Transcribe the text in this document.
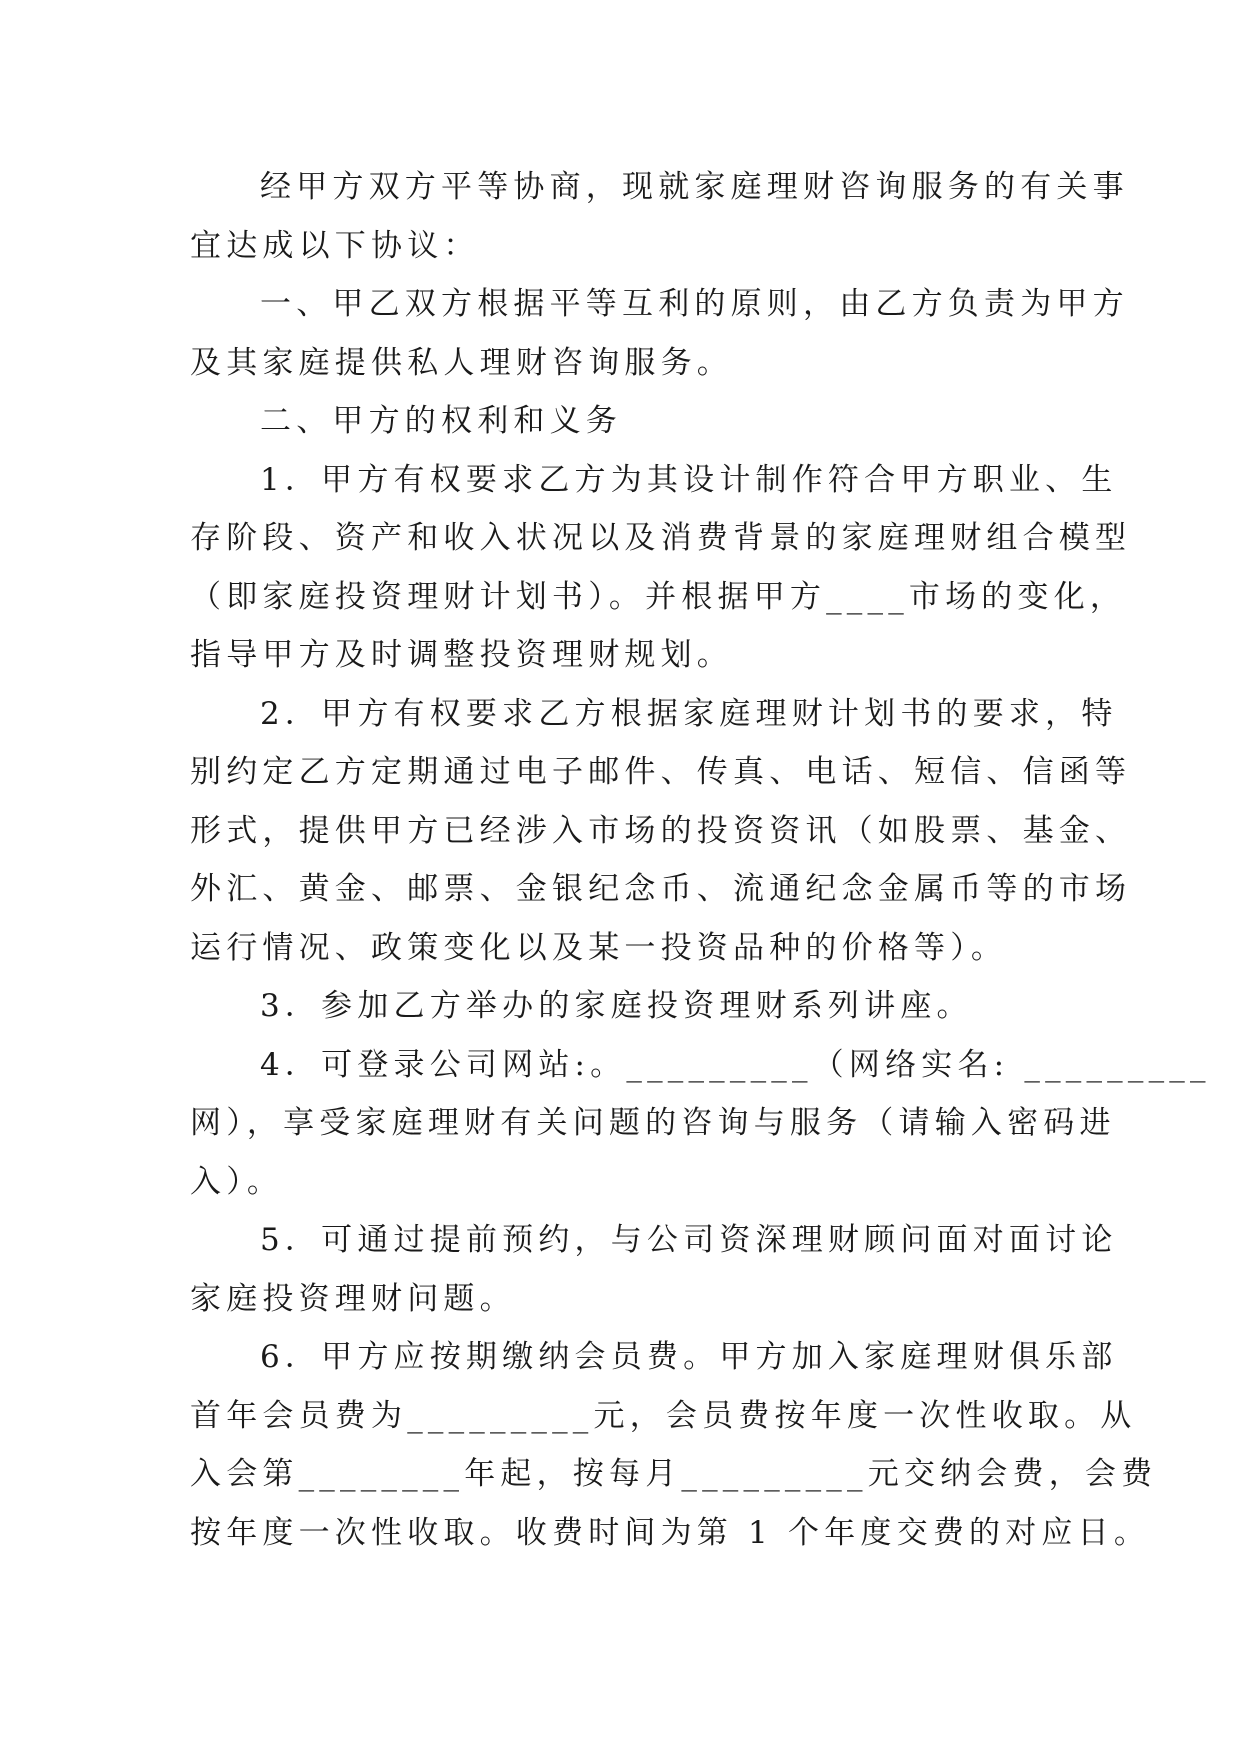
经甲方双方平等协商，现就家庭理财咨询服务的有关事
宜达成以下协议：

一、甲乙双方根据平等互利的原则，由乙方负责为甲方
及其家庭提供私人理财咨询服务。

二、甲方的权利和义务

1．甲方有权要求乙方为其设计制作符合甲方职业、生
存阶段、资产和收入状况以及消费背景的家庭理财组合模型
（即家庭投资理财计划书）。并根据甲方____市场的变化，
指导甲方及时调整投资理财规划。

2．甲方有权要求乙方根据家庭理财计划书的要求，特
别约定乙方定期通过电子邮件、传真、电话、短信、信函等
形式，提供甲方已经涉入市场的投资资讯（如股票、基金、
外汇、黄金、邮票、金银纪念币、流通纪念金属币等的市场
运行情况、政策变化以及某一投资品种的价格等）。

3．参加乙方举办的家庭投资理财系列讲座。

4．可登录公司网站:。_________（网络实名: _________
网），享受家庭理财有关问题的咨询与服务（请输入密码进
入）。

5．可通过提前预约，与公司资深理财顾问面对面讨论
家庭投资理财问题。

6．甲方应按期缴纳会员费。甲方加入家庭理财俱乐部
首年会员费为_________元，会员费按年度一次性收取。从
入会第________年起，按每月_________元交纳会费，会费
按年度一次性收取。收费时间为第 1 个年度交费的对应日。
